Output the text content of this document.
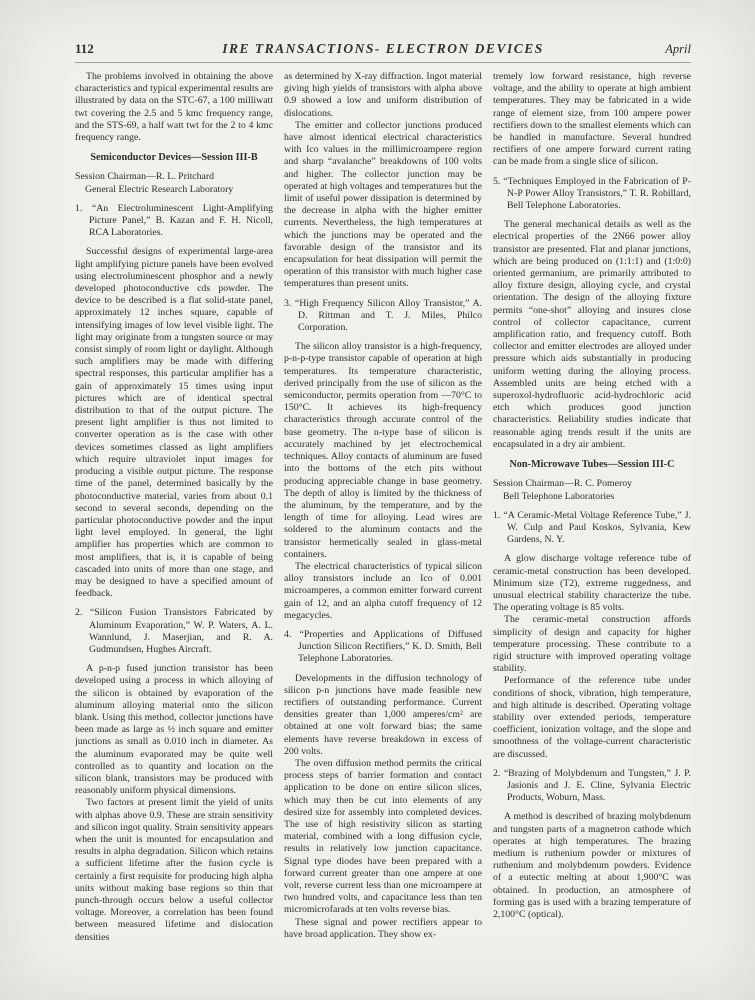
112	IRE TRANSACTIONS- ELECTRON DEVICES	April

The problems involved in obtaining the above characteristics and typical experimental results are illustrated by data on the STC-67, a 100 milliwatt twt covering the 2.5 and 5 kmc frequency range, and the STS-69, a half watt twt for the 2 to 4 kmc frequency range.

Semiconductor Devices—Session III-B
Session Chairman—R. L. Pritchard
General Electric Research Laboratory
1. “An Electroluminescent Light-Amplifying Picture Panel,” B. Kazan and F. H. Nicoll, RCA Laboratories.

Successful designs of experimental large-area light amplifying picture panels have been evolved using electroluminescent phosphor and a newly developed photoconductive cds powder. The device to be described is a flat solid-state panel, approximately 12 inches square, capable of intensifying images of low level visible light. The light may originate from a tungsten source or may consist simply of room light or daylight. Although such amplifiers may be made with differing spectral responses, this particular amplifier has a gain of approximately 15 times using input pictures which are of identical spectral distribution to that of the output picture. The present light amplifier is thus not limited to converter operation as is the case with other devices sometimes classed as light amplifiers which require ultraviolet input images for producing a visible output picture. The response time of the panel, determined basically by the photoconductive material, varies from about 0.1 second to several seconds, depending on the particular photoconductive powder and the input light level employed. In general, the light amplifier has properties which are common to most amplifiers, that is, it is capable of being cascaded into units of more than one stage, and may be designed to have a specified amount of feedback.

2. “Silicon Fusion Transistors Fabricated by Aluminum Evaporation,” W. P. Waters, A. L. Wannlund, J. Maserjian, and R. A. Gudmundsen, Hughes Aircraft.

A p-n-p fused junction transistor has been developed using a process in which alloying of the silicon is obtained by evaporation of the aluminum alloying material onto the silicon blank. Using this method, collector junctions have been made as large as ½ inch square and emitter junctions as small as 0.010 inch in diameter. As the aluminum evaporated may be quite well controlled as to quantity and location on the silicon blank, transistors may be produced with reasonably uniform physical dimensions.

Two factors at present limit the yield of units with alphas above 0.9. These are strain sensitivity and silicon ingot quality. Strain sensitivity appears when the unit is mounted for encapsulation and results in alpha degradation. Silicon which retains a sufficient lifetime after the fusion cycle is certainly a first requisite for producing high alpha units without making base regions so thin that punch-through occurs below a useful collector voltage. Moreover, a correlation has been found between measured lifetime and dislocation densities

as determined by X-ray diffraction. Ingot material giving high yields of transistors with alpha above 0.9 showed a low and uniform distribution of dislocations.

The emitter and collector junctions produced have almost identical electrical characteristics with Ico values in the millimicroampere region and sharp “avalanche” breakdowns of 100 volts and higher. The collector junction may be operated at high voltages and temperatures but the limit of useful power dissipation is determined by the decrease in alpha with the higher emitter currents. Nevertheless, the high temperatures at which the junctions may be operated and the favorable design of the transistor and its encapsulation for heat dissipation will permit the operation of this transistor with much higher case temperatures than present units.

3. “High Frequency Silicon Alloy Transistor,” A. D. Rittman and T. J. Miles, Philco Corporation.

The silicon alloy transistor is a high-frequency, p-n-p-type transistor capable of operation at high temperatures. Its temperature characteristic, derived principally from the use of silicon as the semiconductor, permits operation from —70°C to 150°C. It achieves its high-frequency characteristics through accurate control of the base geometry. The n-type base of silicon is accurately machined by jet electrochemical techniques. Alloy contacts of aluminum are fused into the bottoms of the etch pits without producing appreciable change in base geometry. The depth of alloy is limited by the thickness of the aluminum, by the temperature, and by the length of time for alloying. Lead wires are soldered to the aluminum contacts and the transistor hermetically sealed in glass-metal containers.

The electrical characteristics of typical silicon alloy transistors include an Ico of 0.001 microamperes, a common emitter forward current gain of 12, and an alpha cutoff frequency of 12 megacycles.

4. “Properties and Applications of Diffused Junction Silicon Rectifiers,” K. D. Smith, Bell Telephone Laboratories.

Developments in the diffusion technology of silicon p-n junctions have made feasible new rectifiers of outstanding performance. Current densities greater than 1,000 amperes/cm² are obtained at one volt forward bias; the same elements have reverse breakdown in excess of 200 volts.

The oven diffusion method permits the critical process steps of barrier formation and contact application to be done on entire silicon slices, which may then be cut into elements of any desired size for assembly into completed devices. The use of high resistivity silicon as starting material, combined with a long diffusion cycle, results in relatively low junction capacitance. Signal type diodes have been prepared with a forward current greater than one ampere at one volt, reverse current less than one microampere at two hundred volts, and capacitance less than ten micromicrofarads at ten volts reverse bias.

These signal and power rectifiers appear to have broad application. They show ex-

tremely low forward resistance, high reverse voltage, and the ability to operate at high ambient temperatures. They may be fabricated in a wide range of element size, from 100 ampere power rectifiers down to the smallest elements which can be handled in manufacture. Several hundred rectifiers of one ampere forward current rating can be made from a single slice of silicon.

5. “Techniques Employed in the Fabrication of P-N-P Power Alloy Transistors,” T. R. Robillard, Bell Telephone Laboratories.

The general mechanical details as well as the electrical properties of the 2N66 power alloy transistor are presented. Flat and planar junctions, which are being produced on (1:1:1) and (1:0:0) oriented germanium, are primarily attributed to alloy fixture design, alloying cycle, and crystal orientation. The design of the alloying fixture permits “one-shot” alloying and insures close control of collector capacitance, current amplification ratio, and frequency cutoff. Both collector and emitter electrodes are alloyed under pressure which aids substantially in producing uniform wetting during the alloying process. Assembled units are being etched with a superoxol-hydrofluoric acid-hydrochloric acid etch which produces good junction characteristics. Reliability studies indicate that reasonable aging trends result if the units are encapsulated in a dry air ambient.

Non-Microwave Tubes—Session III-C
Session Chairman—R. C. Pomeroy
Bell Telephone Laboratories
1. “A Ceramic-Metal Voltage Reference Tube,” J. W. Culp and Paul Koskos, Sylvania, Kew Gardens, N. Y.

A glow discharge voltage reference tube of ceramic-metal construction has been developed. Minimum size (T2), extreme ruggedness, and unusual electrical stability characterize the tube. The operating voltage is 85 volts.

The ceramic-metal construction affords simplicity of design and capacity for higher temperature processing. These contribute to a rigid structure with improved operating voltage stability.

Performance of the reference tube under conditions of shock, vibration, high temperature, and high altitude is described. Operating voltage stability over extended periods, temperature coefficient, ionization voltage, and the slope and smoothness of the voltage-current characteristic are discussed.

2. “Brazing of Molybdenum and Tungsten,” J. P. Jasionis and J. E. Cline, Sylvania Electric Products, Woburn, Mass.

A method is described of brazing molybdenum and tungsten parts of a magnetron cathode which operates at high temperatures. The brazing medium is ruthenium powder or mixtures of ruthenium and molybdenum powders. Evidence of a eutectic melting at about 1,900°C was obtained. In production, an atmosphere of forming gas is used with a brazing temperature of 2,100°C (optical).
